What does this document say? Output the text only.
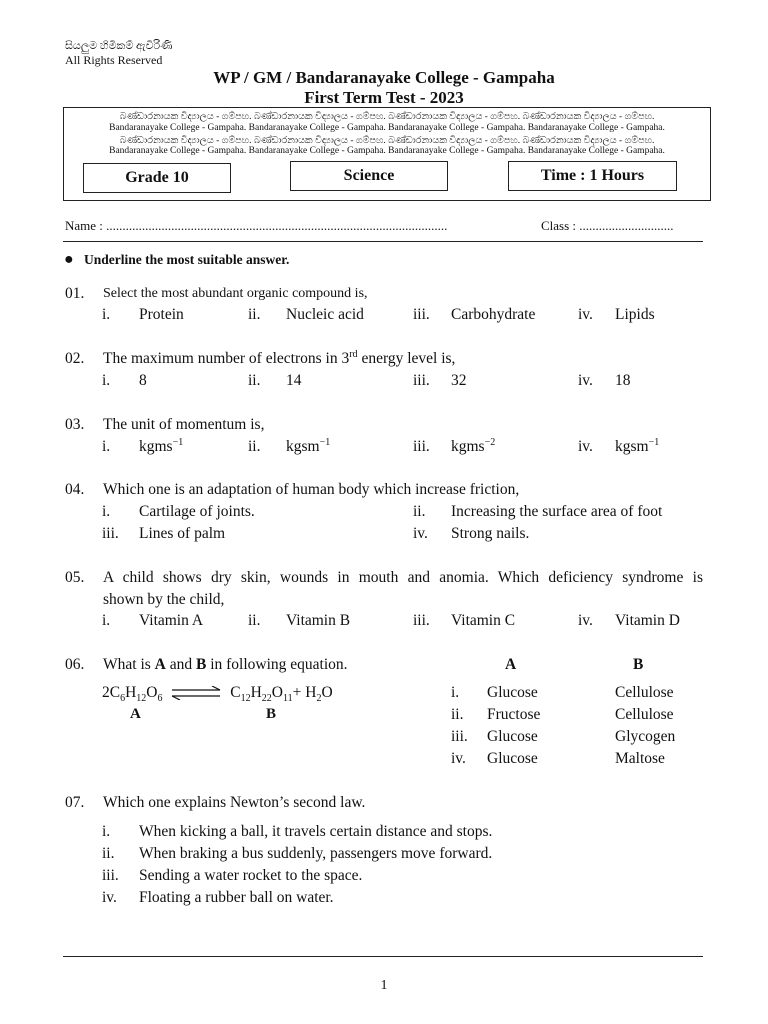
සියලුම හිමිකම් ඇවිරිණි
All Rights Reserved
WP / GM / Bandaranayake College - Gampaha
First Term Test - 2023
බණ්ඩාරනායක විද්‍යාලය - ගම්පහ. බණ්ඩාරනායක විද්‍යාලය - ගම්පහ. බණ්ඩාරනායක විද්‍යාලය - ගම්පහ. බණ්ඩාරනායක විද්‍යාලය - ගම්පහ.
Bandaranayake College - Gampaha. Bandaranayake College - Gampaha. Bandaranayake College - Gampaha. Bandaranayake College - Gampaha.
බණ්ඩාරනායක විද්‍යාලය - ගම්පහ. බණ්ඩාරනායක විද්‍යාලය - ගම්පහ. බණ්ඩාරනායක විද්‍යාලය - ගම්පහ. බණ්ඩාරනායක විද්‍යාලය - ගම්පහ.
Bandaranayake College - Gampaha. Bandaranayake College - Gampaha. Bandaranayake College - Gampaha. Bandaranayake College - Gampaha.
Grade 10	Science	Time : 1 Hours
Name : .........................................................................................................	Class : .............................
● Underline the most suitable answer.
01. Select the most abundant organic compound is,
i. Protein	ii. Nucleic acid	iii. Carbohydrate	iv. Lipids
02. The maximum number of electrons in 3rd energy level is,
i. 8	ii. 14	iii. 32	iv. 18
03. The unit of momentum is,
i. kgms$^{-1}$	ii. kgsm$^{-1}$	iii. kgms$^{-2}$	iv. kgsm$^{-1}$
04. Which one is an adaptation of human body which increase friction,
i. Cartilage of joints.	ii. Increasing the surface area of foot
iii. Lines of palm	iv. Strong nails.
05. A child shows dry skin, wounds in mouth and anomia. Which deficiency syndrome is
shown by the child,
i. Vitamin A	ii. Vitamin B	iii. Vitamin C	iv. Vitamin D
06. What is A and B in following equation.	A	B
$2C_6H_{12}O_6$ ⇌ $C_{12}H_{22}O_{11}+ H_2O$
A	B
i. Glucose	Cellulose
ii. Fructose	Cellulose
iii. Glucose	Glycogen
iv. Glucose	Maltose
07. Which one explains Newton’s second law.
i. When kicking a ball, it travels certain distance and stops.
ii. When braking a bus suddenly, passengers move forward.
iii. Sending a water rocket to the space.
iv. Floating a rubber ball on water.
1
